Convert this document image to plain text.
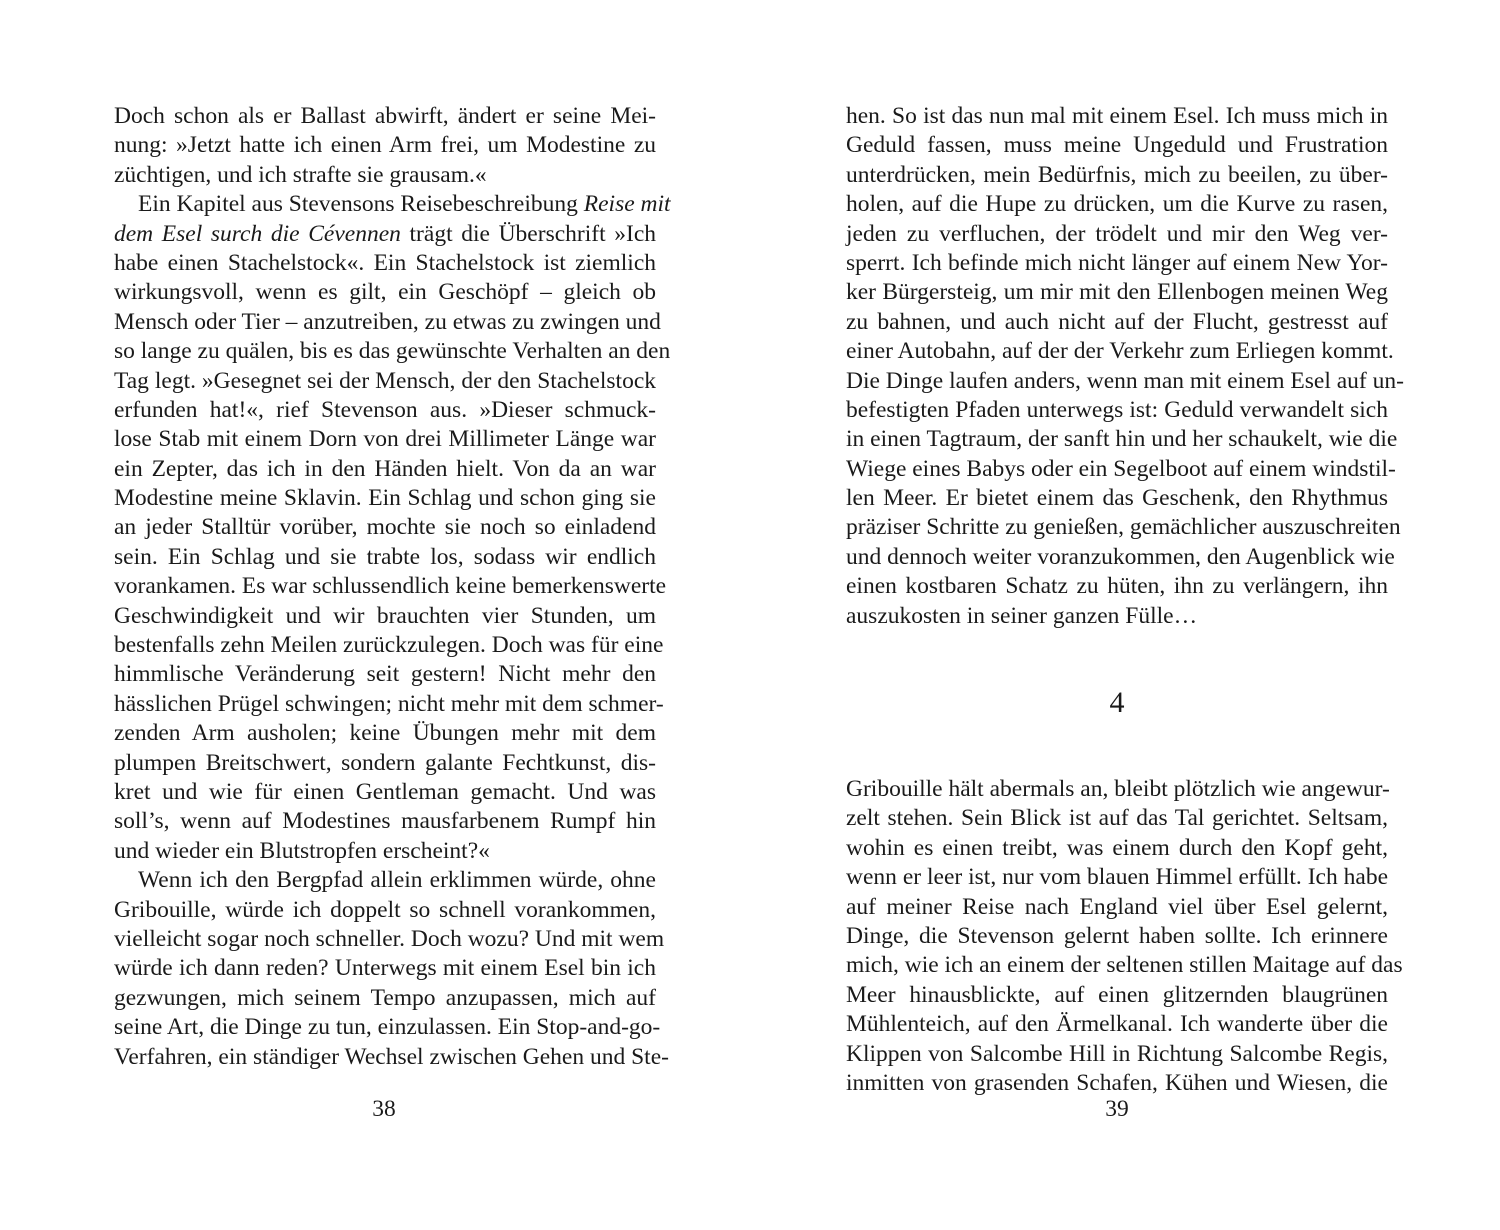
Doch schon als er Ballast abwirft, ändert er seine Mei-
nung: »Jetzt hatte ich einen Arm frei, um Modestine zu
züchtigen, und ich strafte sie grausam.«
Ein Kapitel aus Stevensons Reisebeschreibung Reise mit
dem Esel surch die Cévennen trägt die Überschrift »Ich
habe einen Stachelstock«. Ein Stachelstock ist ziemlich
wirkungsvoll, wenn es gilt, ein Geschöpf – gleich ob
Mensch oder Tier – anzutreiben, zu etwas zu zwingen und
so lange zu quälen, bis es das gewünschte Verhalten an den
Tag legt. »Gesegnet sei der Mensch, der den Stachelstock
erfunden hat!«, rief Stevenson aus. »Dieser schmuck-
lose Stab mit einem Dorn von drei Millimeter Länge war
ein Zepter, das ich in den Händen hielt. Von da an war
Modestine meine Sklavin. Ein Schlag und schon ging sie
an jeder Stalltür vorüber, mochte sie noch so einladend
sein. Ein Schlag und sie trabte los, sodass wir endlich
vorankamen. Es war schlussendlich keine bemerkenswerte
Geschwindigkeit und wir brauchten vier Stunden, um
bestenfalls zehn Meilen zurückzulegen. Doch was für eine
himmlische Veränderung seit gestern! Nicht mehr den
hässlichen Prügel schwingen; nicht mehr mit dem schmer-
zenden Arm ausholen; keine Übungen mehr mit dem
plumpen Breitschwert, sondern galante Fechtkunst, dis-
kret und wie für einen Gentleman gemacht. Und was
soll’s, wenn auf Modestines mausfarbenem Rumpf hin
und wieder ein Blutstropfen erscheint?«
Wenn ich den Bergpfad allein erklimmen würde, ohne
Gribouille, würde ich doppelt so schnell vorankommen,
vielleicht sogar noch schneller. Doch wozu? Und mit wem
würde ich dann reden? Unterwegs mit einem Esel bin ich
gezwungen, mich seinem Tempo anzupassen, mich auf
seine Art, die Dinge zu tun, einzulassen. Ein Stop-and-go-
Verfahren, ein ständiger Wechsel zwischen Gehen und Ste-
hen. So ist das nun mal mit einem Esel. Ich muss mich in
Geduld fassen, muss meine Ungeduld und Frustration
unterdrücken, mein Bedürfnis, mich zu beeilen, zu über-
holen, auf die Hupe zu drücken, um die Kurve zu rasen,
jeden zu verfluchen, der trödelt und mir den Weg ver-
sperrt. Ich befinde mich nicht länger auf einem New Yor-
ker Bürgersteig, um mir mit den Ellenbogen meinen Weg
zu bahnen, und auch nicht auf der Flucht, gestresst auf
einer Autobahn, auf der der Verkehr zum Erliegen kommt.
Die Dinge laufen anders, wenn man mit einem Esel auf un-
befestigten Pfaden unterwegs ist: Geduld verwandelt sich
in einen Tagtraum, der sanft hin und her schaukelt, wie die
Wiege eines Babys oder ein Segelboot auf einem windstil-
len Meer. Er bietet einem das Geschenk, den Rhythmus
präziser Schritte zu genießen, gemächlicher auszuschreiten
und dennoch weiter voranzukommen, den Augenblick wie
einen kostbaren Schatz zu hüten, ihn zu verlängern, ihn
auszukosten in seiner ganzen Fülle…
4
Gribouille hält abermals an, bleibt plötzlich wie angewur-
zelt stehen. Sein Blick ist auf das Tal gerichtet. Seltsam,
wohin es einen treibt, was einem durch den Kopf geht,
wenn er leer ist, nur vom blauen Himmel erfüllt. Ich habe
auf meiner Reise nach England viel über Esel gelernt,
Dinge, die Stevenson gelernt haben sollte. Ich erinnere
mich, wie ich an einem der seltenen stillen Maitage auf das
Meer hinausblickte, auf einen glitzernden blaugrünen
Mühlenteich, auf den Ärmelkanal. Ich wanderte über die
Klippen von Salcombe Hill in Richtung Salcombe Regis,
inmitten von grasenden Schafen, Kühen und Wiesen, die
38	39
